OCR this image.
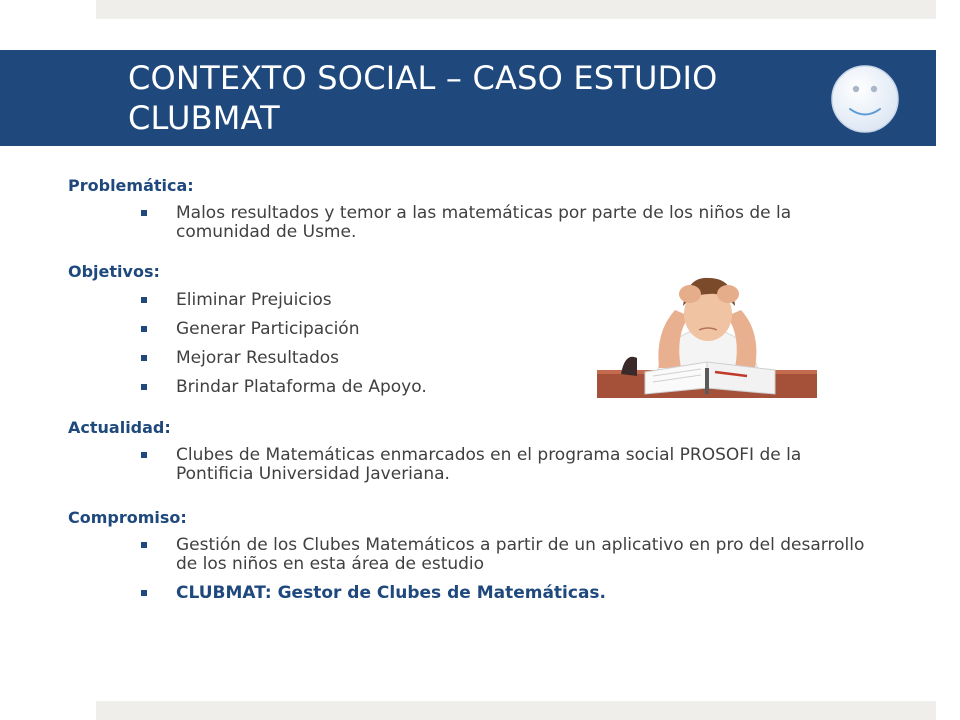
CONTEXTO SOCIAL – CASO ESTUDIO CLUBMAT

Problemática:

Malos resultados y temor a las matemáticas por parte de los niños de la comunidad de Usme.

Objetivos:

Eliminar Prejuicios
Generar Participación
Mejorar Resultados
Brindar Plataforma de Apoyo.

Actualidad:

Clubes de Matemáticas enmarcados en el programa social PROSOFI de la Pontificia Universidad Javeriana.

Compromiso:

Gestión de los Clubes Matemáticos a partir de un aplicativo en pro del desarrollo de los niños en esta área de estudio
CLUBMAT: Gestor de Clubes de Matemáticas.
